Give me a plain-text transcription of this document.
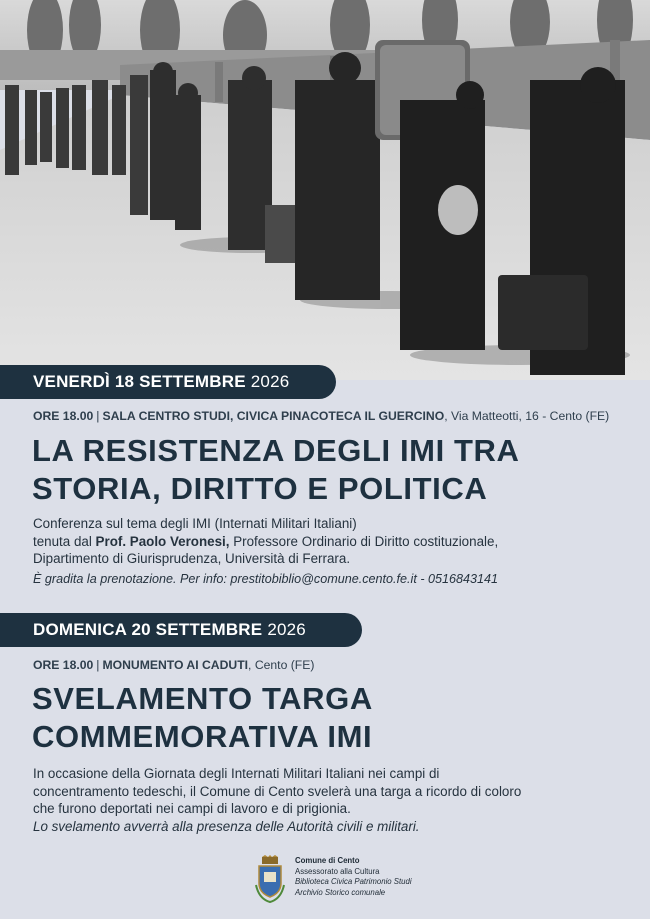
VENERDÌ 18 SETTEMBRE 2026
ORE 18.00 | SALA CENTRO STUDI, CIVICA PINACOTECA IL GUERCINO, Via Matteotti, 16 - Cento (FE)
LA RESISTENZA DEGLI IMI TRA
STORIA, DIRITTO E POLITICA
Conferenza sul tema degli IMI (Internati Militari Italiani)
tenuta dal Prof. Paolo Veronesi, Professore Ordinario di Diritto costituzionale,
Dipartimento di Giurisprudenza, Università di Ferrara.
È gradita la prenotazione. Per info: prestitobiblio@comune.cento.fe.it - 0516843141
DOMENICA 20 SETTEMBRE 2026
ORE 18.00 | MONUMENTO AI CADUTI, Cento (FE)
SVELAMENTO TARGA
COMMEMORATIVA IMI
In occasione della Giornata degli Internati Militari Italiani nei campi di
concentramento tedeschi, il Comune di Cento svelerà una targa a ricordo di coloro
che furono deportati nei campi di lavoro e di prigionia.
Lo svelamento avverrà alla presenza delle Autorità civili e militari.
Comune di Cento
Assessorato alla Cultura
Biblioteca Civica Patrimonio Studi
Archivio Storico comunale
